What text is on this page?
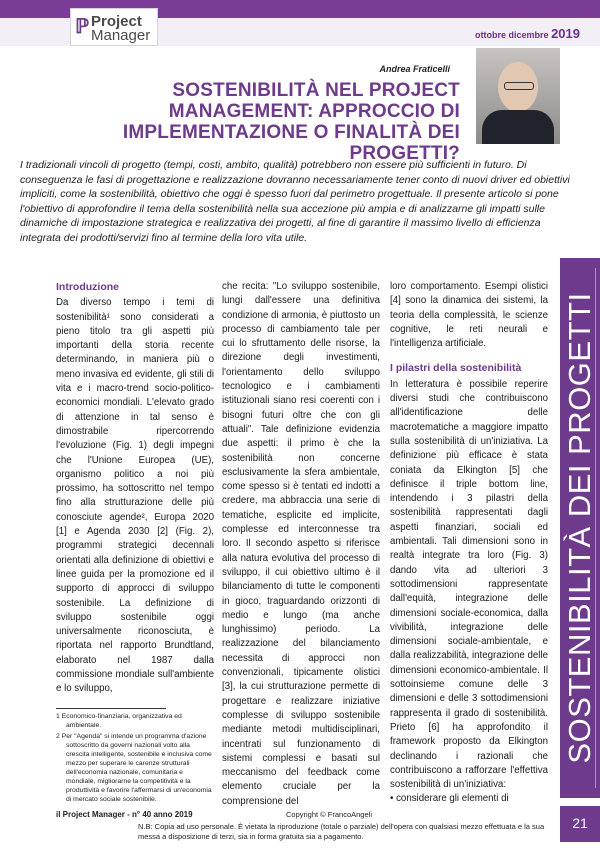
ℙ Project
Manager	ottobre dicembre 2019
Andrea Fraticelli
SOSTENIBILITÀ NEL PROJECT MANAGEMENT: APPROCCIO DI IMPLEMENTAZIONE O FINALITÀ DEI PROGETTI?
I tradizionali vincoli di progetto (tempi, costi, ambito, qualità) potrebbero non essere più sufficienti in futuro. Di conseguenza le fasi di progettazione e realizzazione dovranno necessariamente tener conto di nuovi driver ed obiettivi impliciti, come la sostenibilità, obiettivo che oggi è spesso fuori dal perimetro progettuale. Il presente articolo si pone l'obiettivo di approfondire il tema della sostenibilità nella sua accezione più ampia e di analizzarne gli impatti sulle dinamiche di impostazione strategica e realizzativa dei progetti, al fine di garantire il massimo livello di efficienza integrata dei prodotti/servizi fino al termine della loro vita utile.
Introduzione

Da diverso tempo i temi di sostenibilità¹ sono considerati a pieno titolo tra gli aspetti più importanti della storia recente determinando, in maniera più o meno invasiva ed evidente, gli stili di vita e i macro-trend socio-politico-economici mondiali. L'elevato grado di attenzione in tal senso è dimostrabile ripercorrendo l'evoluzione (Fig. 1) degli impegni che l'Unione Europea (UE), organismo politico a noi più prossimo, ha sottoscritto nel tempo fino alla strutturazione delle più conosciute agende², Europa 2020 [1] e Agenda 2030 [2] (Fig. 2), programmi strategici decennali orientati alla definizione di obiettivi e linee guida per la promozione ed il supporto di approcci di sviluppo sostenibile. La definizione di sviluppo sostenibile oggi universalmente riconosciuta, è riportata nel rapporto Brundtland, elaborato nel 1987 dalla commissione mondiale sull'ambiente e lo sviluppo,

1 Economico-finanziaria, organizzativa ed ambientale.
2 Per "Agenda" si intende un programma d'azione sottoscritto da governi nazionali volto alla crescita intelligente, sostenibile e inclusiva come mezzo per superare le carenze strutturali dell'economia nazionale, comunitaria e mondiale, migliorarne la competitività e la produttività e favorire l'affermarsi di un'economia di mercato sociale sostenibile.

che recita: "Lo sviluppo sostenibile, lungi dall'essere una definitiva condizione di armonia, è piuttosto un processo di cambiamento tale per cui lo sfruttamento delle risorse, la direzione degli investimenti, l'orientamento dello sviluppo tecnologico e i cambiamenti istituzionali siano resi coerenti con i bisogni futuri oltre che con gli attuali". Tale definizione evidenzia due aspetti: il primo è che la sostenibilità non concerne esclusivamente la sfera ambientale, come spesso si è tentati ed indotti a credere, ma abbraccia una serie di tematiche, esplicite ed implicite, complesse ed interconnesse tra loro. Il secondo aspetto si riferisce alla natura evolutiva del processo di sviluppo, il cui obiettivo ultimo è il bilanciamento di tutte le componenti in gioco, traguardando orizzonti di medio e lungo (ma anche lunghissimo) periodo. La realizzazione del bilanciamento necessita di approcci non convenzionali, tipicamente olistici [3], la cui strutturazione permette di progettare e realizzare iniziative complesse di sviluppo sostenibile mediante metodi multidisciplinari, incentrati sul funzionamento di sistemi complessi e basati sul meccanismo del feedback come elemento cruciale per la comprensione del

loro comportamento. Esempi olistici [4] sono la dinamica dei sistemi, la teoria della complessità, le scienze cognitive, le reti neurali e l'intelligenza artificiale.

I pilastri della sostenibilità

In letteratura è possibile reperire diversi studi che contribuiscono all'identificazione delle macrotematiche a maggiore impatto sulla sostenibilità di un'iniziativa. La definizione più efficace è stata coniata da Elkington [5] che definisce il triple bottom line, intendendo i 3 pilastri della sostenibilità rappresentati dagli aspetti finanziari, sociali ed ambientali. Tali dimensioni sono in realtà integrate tra loro (Fig. 3) dando vita ad ulteriori 3 sottodimensioni rappresentate dall'equità, integrazione delle dimensioni sociale-economica, dalla vivibilità, integrazione delle dimensioni sociale-ambientale, e dalla realizzabilità, integrazione delle dimensioni economico-ambientale. Il sottoinsieme comune delle 3 dimensioni e delle 3 sottodimensioni rappresenta il grado di sostenibilità. Prieto [6] ha approfondito il framework proposto da Elkington declinando i razionali che contribuiscono a rafforzare l'effettiva sostenibilità di un'iniziativa:

• considerare gli elementi di

SOSTENIBILITÀ DEI PROGETTI
il Project Manager - n° 40 anno 2019	Copyright © FrancoAngeli
N.B: Copia ad uso personale. È vietata la riproduzione (totale o parziale) dell'opera con qualsiasi mezzo effettuata e la sua messa a disposizione di terzi, sia in forma gratuita sia a pagamento.
21
